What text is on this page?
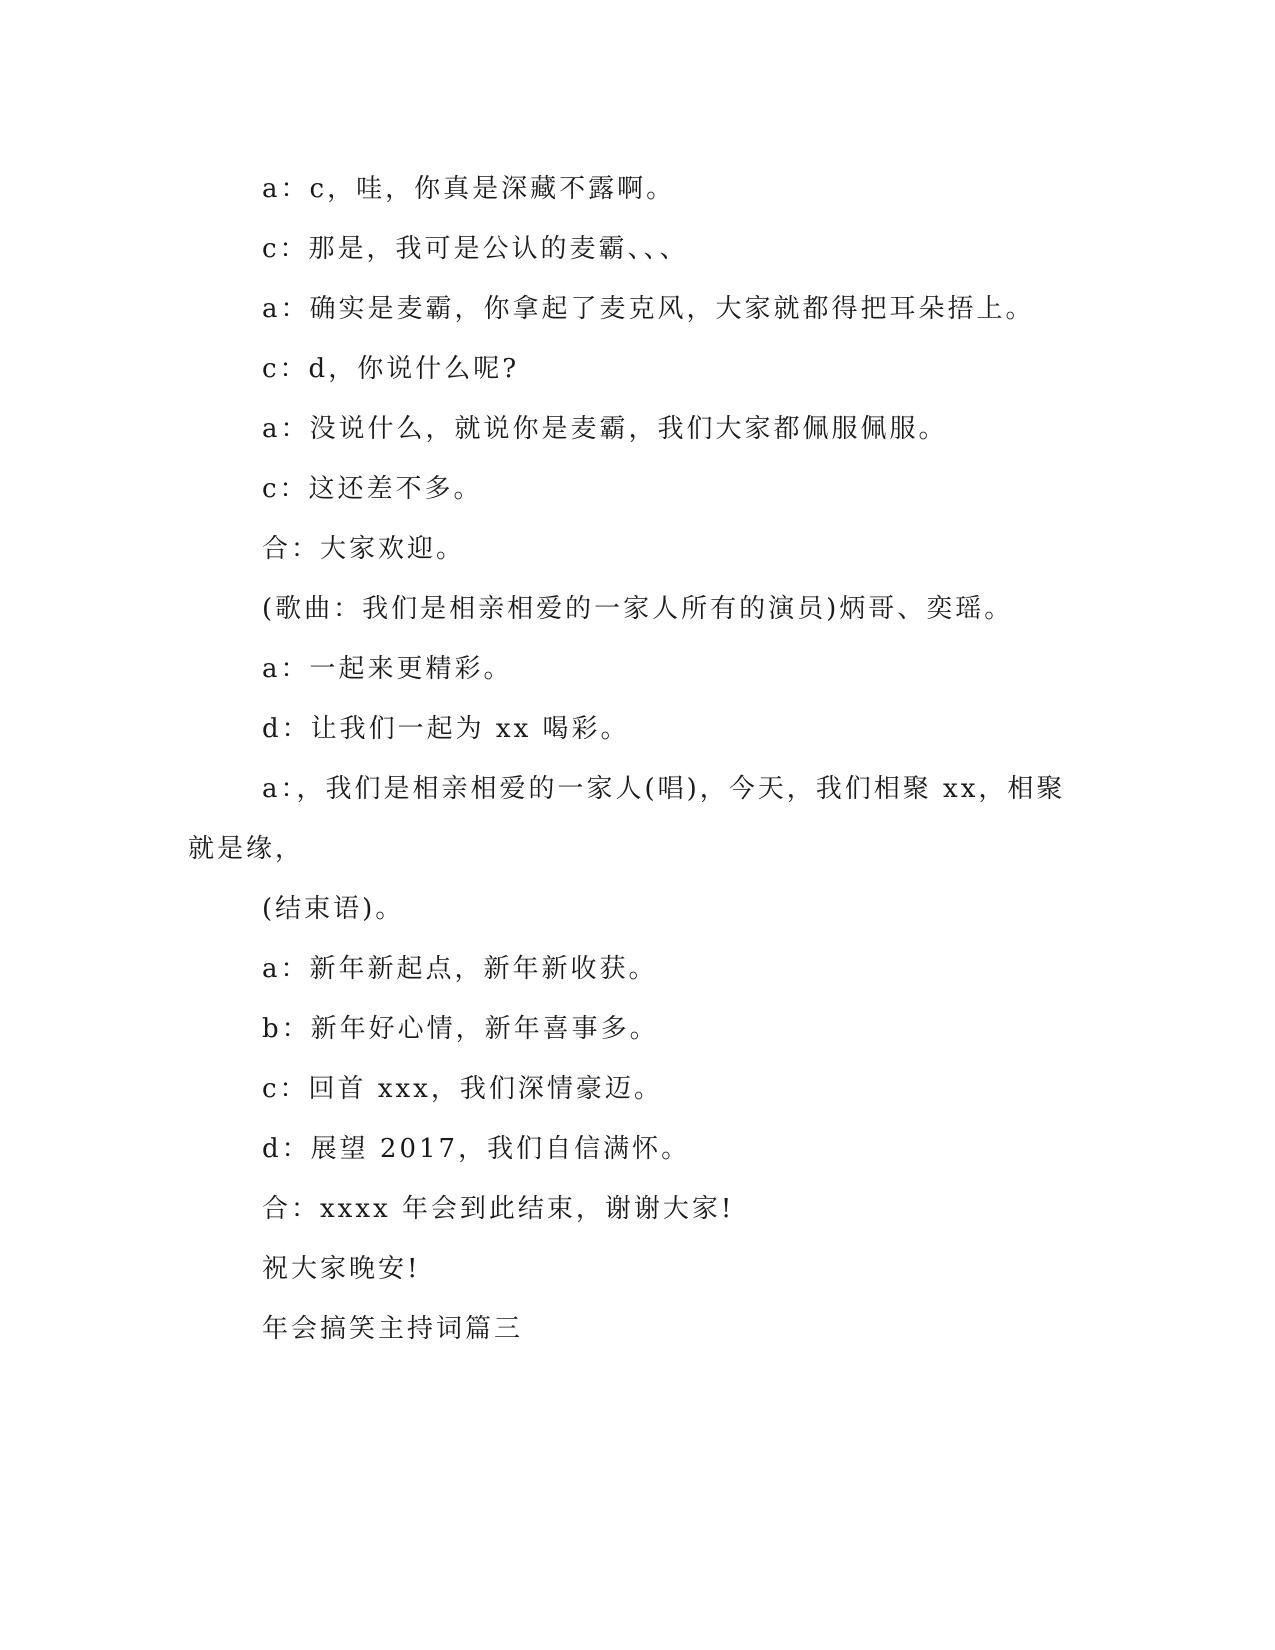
a：c，哇，你真是深藏不露啊。
c：那是，我可是公认的麦霸、、、
a：确实是麦霸，你拿起了麦克风，大家就都得把耳朵捂上。
c：d，你说什么呢?
a：没说什么，就说你是麦霸，我们大家都佩服佩服。
c：这还差不多。
合：大家欢迎。
(歌曲：我们是相亲相爱的一家人所有的演员)炳哥、奕瑶。
a：一起来更精彩。
d：让我们一起为 xx 喝彩。
a：，我们是相亲相爱的一家人(唱)，今天，我们相聚 xx，相聚
就是缘，
(结束语)。
a：新年新起点，新年新收获。
b：新年好心情，新年喜事多。
c：回首 xxx，我们深情豪迈。
d：展望 2017，我们自信满怀。
合：xxxx 年会到此结束，谢谢大家!
祝大家晚安!
年会搞笑主持词篇三
